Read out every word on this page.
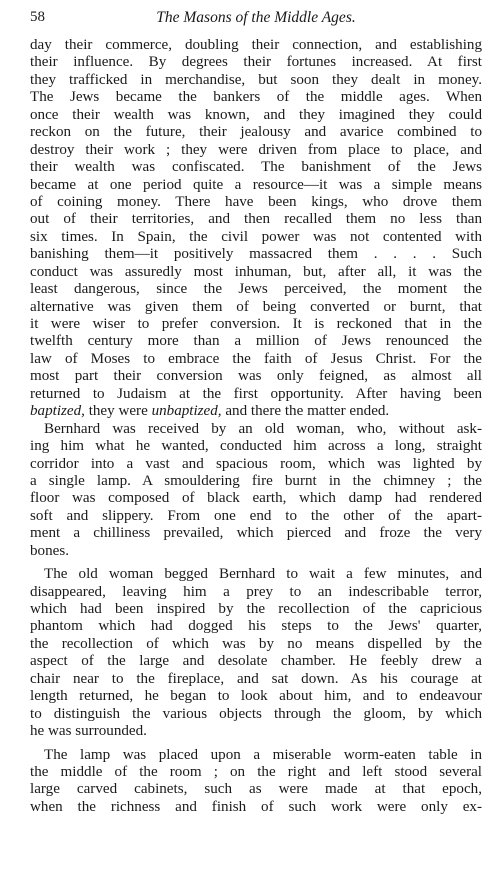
58	The Masons of the Middle Ages.
day their commerce, doubling their connection, and establishing
their influence. By degrees their fortunes increased. At first
they trafficked in merchandise, but soon they dealt in money.
The Jews became the bankers of the middle ages. When
once their wealth was known, and they imagined they could
reckon on the future, their jealousy and avarice combined to
destroy their work ; they were driven from place to place, and
their wealth was confiscated. The banishment of the Jews
became at one period quite a resource—it was a simple means
of coining money. There have been kings, who drove them
out of their territories, and then recalled them no less than
six times. In Spain, the civil power was not contented with
banishing them—it positively massacred them . . . . Such
conduct was assuredly most inhuman, but, after all, it was the
least dangerous, since the Jews perceived, the moment the
alternative was given them of being converted or burnt, that
it were wiser to prefer conversion. It is reckoned that in the
twelfth century more than a million of Jews renounced the
law of Moses to embrace the faith of Jesus Christ. For the
most part their conversion was only feigned, as almost all
returned to Judaism at the first opportunity. After having been
baptized, they were unbaptized, and there the matter ended.
Bernhard was received by an old woman, who, without ask-
ing him what he wanted, conducted him across a long, straight
corridor into a vast and spacious room, which was lighted by
a single lamp. A smouldering fire burnt in the chimney ; the
floor was composed of black earth, which damp had rendered
soft and slippery. From one end to the other of the apart-
ment a chilliness prevailed, which pierced and froze the very
bones.
The old woman begged Bernhard to wait a few minutes, and
disappeared, leaving him a prey to an indescribable terror,
which had been inspired by the recollection of the capricious
phantom which had dogged his steps to the Jews' quarter,
the recollection of which was by no means dispelled by the
aspect of the large and desolate chamber. He feebly drew a
chair near to the fireplace, and sat down. As his courage at
length returned, he began to look about him, and to endeavour
to distinguish the various objects through the gloom, by which
he was surrounded.
The lamp was placed upon a miserable worm-eaten table in
the middle of the room ; on the right and left stood several
large carved cabinets, such as were made at that epoch,
when the richness and finish of such work were only ex-
